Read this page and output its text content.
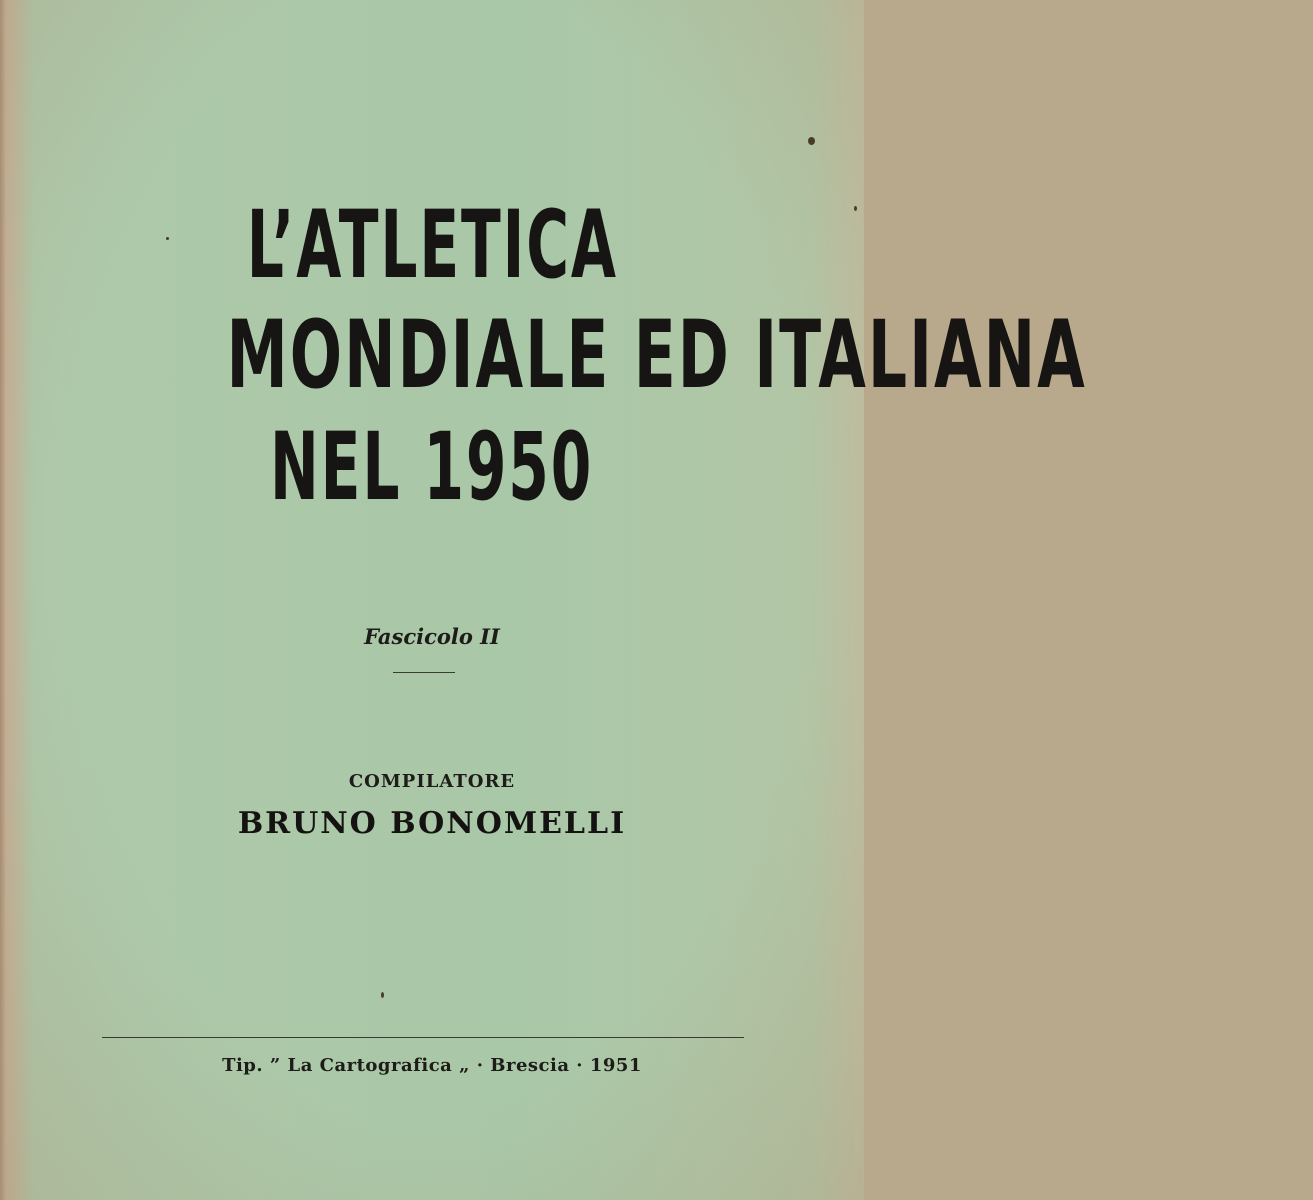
L’ATLETICA
MONDIALE ED ITALIANA
NEL 1950
Fascicolo II
COMPILATORE
BRUNO BONOMELLI
Tip. ” La Cartografica „ · Brescia · 1951
